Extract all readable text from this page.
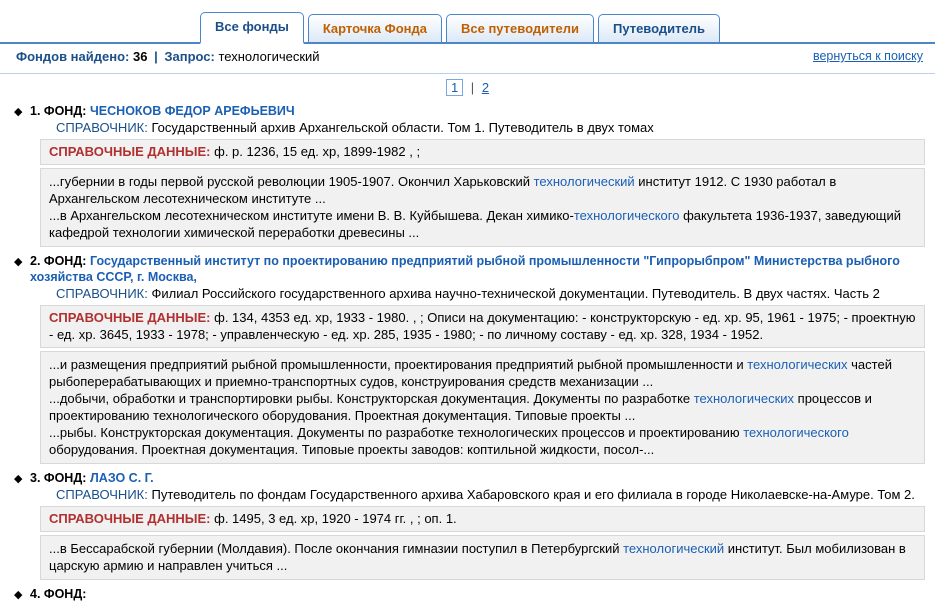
Все фонды	Карточка Фонда	Все путеводители	Путеводитель
Фондов найдено: 36 | Запрос: технологический	вернуться к поиску
1 | 2
◆ 1. ФОНД: ЧЕСНОКОВ ФЕДОР АРЕФЬЕВИЧ
СПРАВОЧНИК: Государственный архив Архангельской области. Том 1. Путеводитель в двух томах
СПРАВОЧНЫЕ ДАННЫЕ: ф. р. 1236, 15 ед. хр, 1899-1982 , ;

...губернии в годы первой русской революции 1905-1907. Окончил Харьковский технологический институт 1912. С 1930 работал в Архангельском лесотехническом институте ...

...в Архангельском лесотехническом институте имени В. В. Куйбышева. Декан химико-технологического факультета 1936-1937, заведующий кафедрой технологии химической переработки древесины ...

◆ 2. ФОНД: Государственный институт по проектированию предприятий рыбной промышленности "Гипрорыбпром" Министерства рыбного хозяйства СССР, г. Москва,
СПРАВОЧНИК: Филиал Российского государственного архива научно-технической документации. Путеводитель. В двух частях. Часть 2
СПРАВОЧНЫЕ ДАННЫЕ: ф. 134, 4353 ед. хр, 1933 - 1980. , ; Описи на документацию: - конструкторскую - ед. хр. 95, 1961 - 1975; - проектную - ед. хр. 3645, 1933 - 1978; - управленческую - ед. хр. 285, 1935 - 1980; - по личному составу - ед. хр. 328, 1934 - 1952.

...и размещения предприятий рыбной промышленности, проектирования предприятий рыбной промышленности и технологических частей рыбоперерабатывающих и приемно-транспортных судов, конструирования средств механизации ...

...добычи, обработки и транспортировки рыбы. Конструкторская документация. Документы по разработке технологических процессов и проектированию технологического оборудования. Проектная документация. Типовые проекты ...

...рыбы. Конструкторская документация. Документы по разработке технологических процессов и проектированию технологического оборудования. Проектная документация. Типовые проекты заводов: коптильной жидкости, посол-...

◆ 3. ФОНД: ЛАЗО С. Г.
СПРАВОЧНИК: Путеводитель по фондам Государственного архива Хабаровского края и его филиала в городе Николаевске-на-Амуре. Том 2.
СПРАВОЧНЫЕ ДАННЫЕ: ф. 1495, 3 ед. хр, 1920 - 1974 гг. , ; оп. 1.

...в Бессарабской губернии (Молдавия). После окончания гимназии поступил в Петербургский технологический институт. Был мобилизован в царскую армию и направлен учиться ...

◆ 4. ФОНД:
